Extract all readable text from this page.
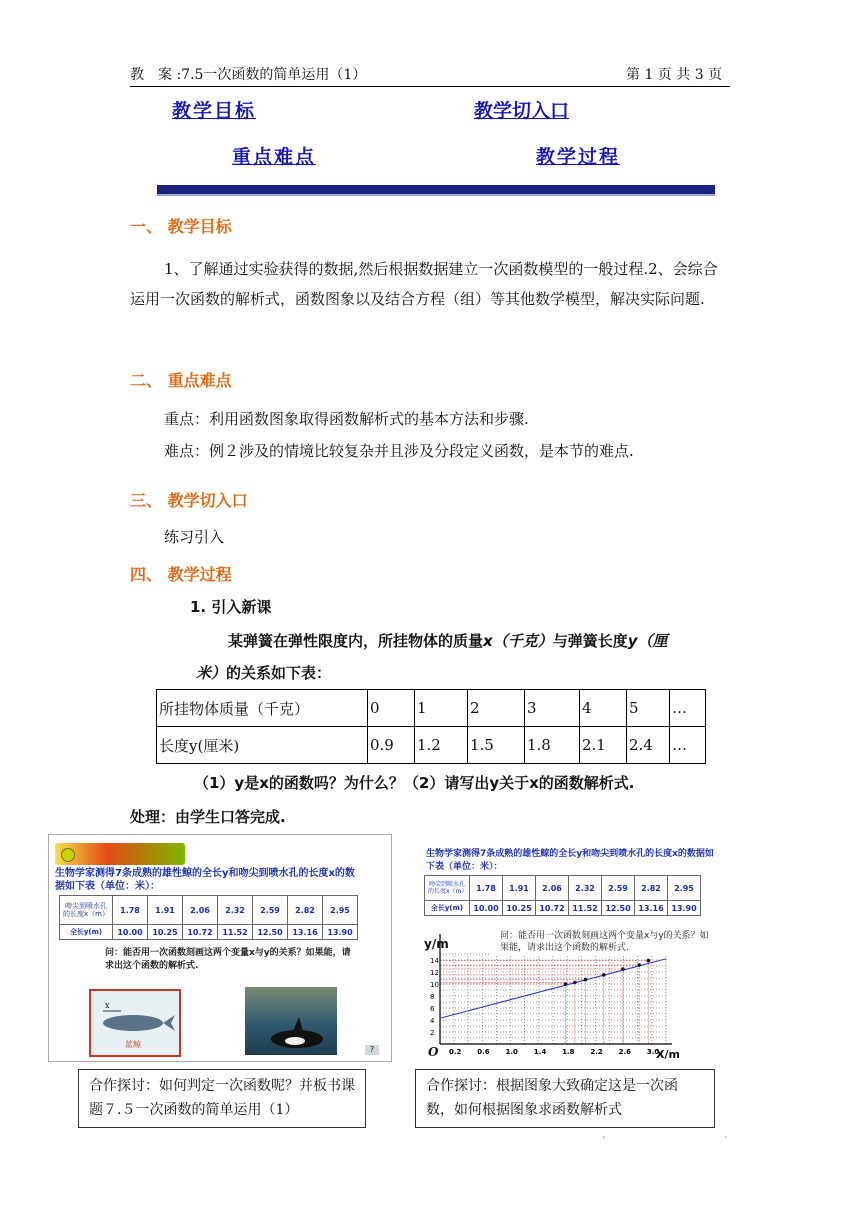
教　案 :7.5一次函数的简单运用（1）	第 1 页 共 3 页
教学目标	教学切入口
重点难点	教学过程
一、 教学目标
1、了解通过实验获得的数据,然后根据数据建立一次函数模型的一般过程.2、会综合运用一次函数的解析式，函数图象以及结合方程（组）等其他数学模型，解决实际问题.
二、 重点难点
重点：利用函数图象取得函数解析式的基本方法和步骤.
难点：例２涉及的情境比较复杂并且涉及分段定义函数，是本节的难点.
三、 教学切入口
练习引入
四、 教学过程
1. 引入新课
某弹簧在弹性限度内，所挂物体的质量x（千克）与弹簧长度y（厘
米）的关系如下表：
所挂物体质量（千克）	0	1	2	3	4	5	…
长度y(厘米)	0.9	1.2	1.5	1.8	2.1	2.4	…
（1）y是x的函数吗？为什么？（2）请写出y关于x的函数解析式.
处理：由学生口答完成.
生物学家测得7条成熟的雄性鲸的全长y和吻尖到喷水孔的长度x的数据如下表（单位：米）：
吻尖到喷水孔的长度x（m）	1.78	1.91	2.06	2.32	2.59	2.82	2.95
全长y(m)	10.00	10.25	10.72	11.52	12.50	13.16	13.90
问：能否用一次函数刻画这两个变量x与y的关系？如果能，请求出这个函数的解析式.
x
蓝鲸
?
生物学家测得7条成熟的雄性鲸的全长y和吻尖到喷水孔的长度x的数据如下表（单位：米）：
吻尖到喷水孔的长度x（m）	1.78	1.91	2.06	2.32	2.59	2.82	2.95
全长y(m)	10.00	10.25	10.72	11.52	12.50	13.16	13.90
0.2 0.6 1.0 1.4 1.8 2.2 2.6 3.0
2
4
6
8
10
12
14
y/m
X/m
O
问：能否用一次函数刻画这两个变量x与y的关系？如果能，请求出这个函数的解析式.
合作探讨：如何判定一次函数呢？并板书课题７.５一次函数的简单运用（1）
合作探讨：根据图象大致确定这是一次函数，如何根据图象求函数解析式
-	-
